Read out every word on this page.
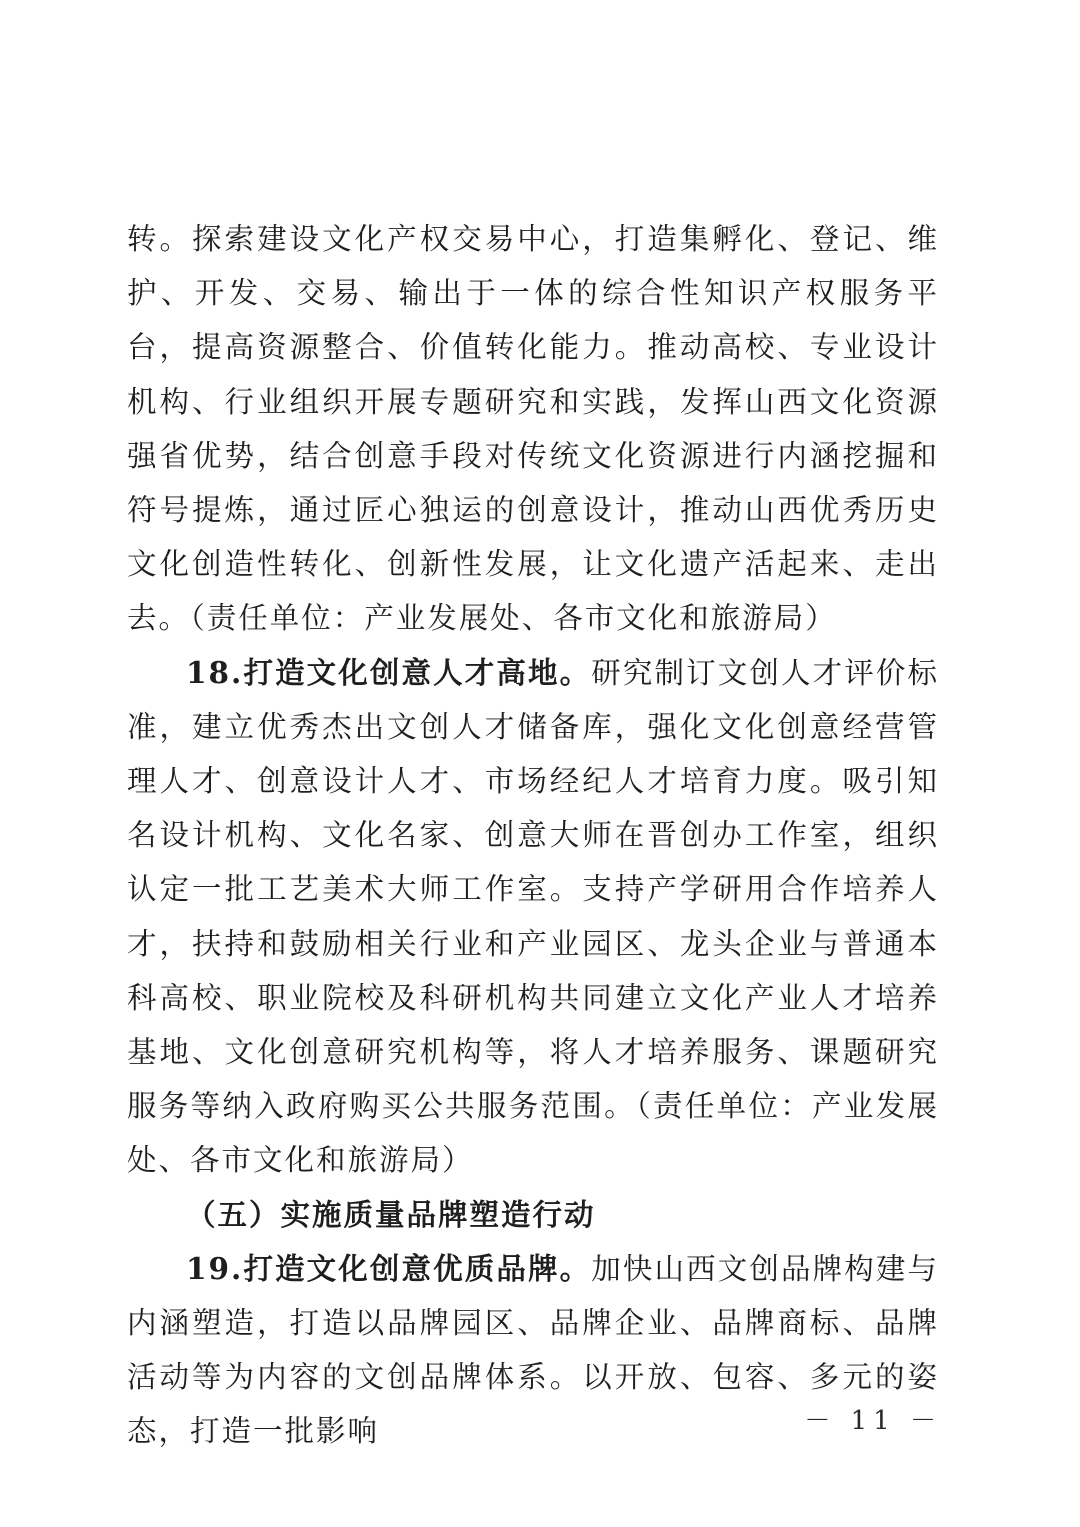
转。探索建设文化产权交易中心，打造集孵化、登记、维护、开发、交易、输出于一体的综合性知识产权服务平台，提高资源整合、价值转化能力。推动高校、专业设计机构、行业组织开展专题研究和实践，发挥山西文化资源强省优势，结合创意手段对传统文化资源进行内涵挖掘和符号提炼，通过匠心独运的创意设计，推动山西优秀历史文化创造性转化、创新性发展，让文化遗产活起来、走出去。（责任单位：产业发展处、各市文化和旅游局）

18.打造文化创意人才高地。研究制订文创人才评价标准，建立优秀杰出文创人才储备库，强化文化创意经营管理人才、创意设计人才、市场经纪人才培育力度。吸引知名设计机构、文化名家、创意大师在晋创办工作室，组织认定一批工艺美术大师工作室。支持产学研用合作培养人才，扶持和鼓励相关行业和产业园区、龙头企业与普通本科高校、职业院校及科研机构共同建立文化产业人才培养基地、文化创意研究机构等，将人才培养服务、课题研究服务等纳入政府购买公共服务范围。（责任单位：产业发展处、各市文化和旅游局）

（五）实施质量品牌塑造行动

19.打造文化创意优质品牌。加快山西文创品牌构建与内涵塑造，打造以品牌园区、品牌企业、品牌商标、品牌活动等为内容的文创品牌体系。以开放、包容、多元的姿态，打造一批影响	－ 11 －
